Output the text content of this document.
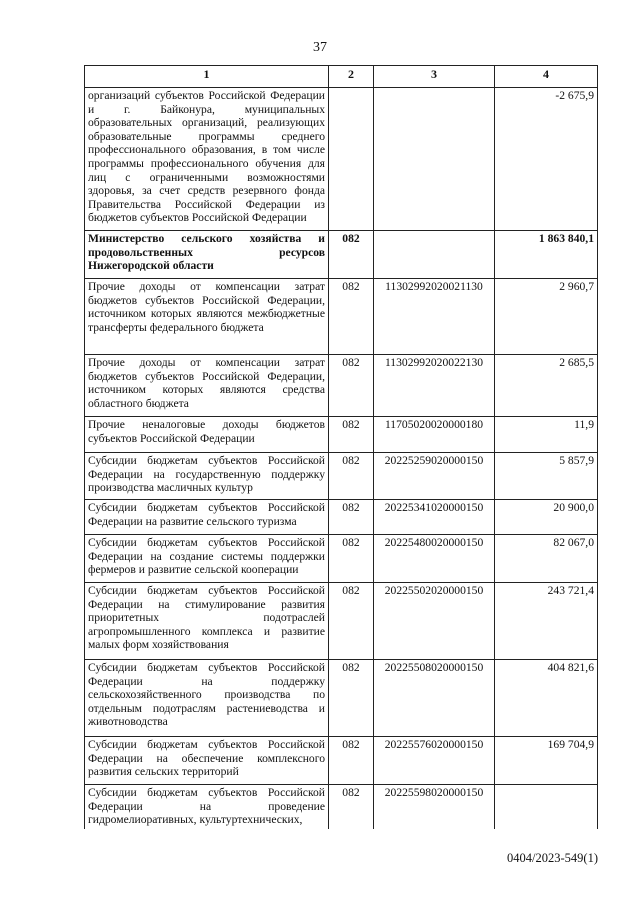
37
1	2	3	4
организаций субъектов Российской Федерации и г. Байконура, муниципальных образовательных организаций, реализующих образовательные программы среднего профессионального образования, в том числе программы профессионального обучения для лиц с ограниченными возможностями здоровья, за счет средств резервного фонда Правительства Российской Федерации из бюджетов субъектов Российской Федерации			-2 675,9
Министерство сельского хозяйства и продовольственных ресурсов Нижегородской области	082		1 863 840,1
Прочие доходы от компенсации затрат бюджетов субъектов Российской Федерации, источником которых являются межбюджетные трансферты федерального бюджета	082	11302992020021130	2 960,7
Прочие доходы от компенсации затрат бюджетов субъектов Российской Федерации, источником которых являются средства областного бюджета	082	11302992020022130	2 685,5
Прочие неналоговые доходы бюджетов субъектов Российской Федерации	082	11705020020000180	11,9
Субсидии бюджетам субъектов Российской Федерации на государственную поддержку производства масличных культур	082	20225259020000150	5 857,9
Субсидии бюджетам субъектов Российской Федерации на развитие сельского туризма	082	20225341020000150	20 900,0
Субсидии бюджетам субъектов Российской Федерации на создание системы поддержки фермеров и развитие сельской кооперации	082	20225480020000150	82 067,0
Субсидии бюджетам субъектов Российской Федерации на стимулирование развития приоритетных подотраслей агропромышленного комплекса и развитие малых форм хозяйствования	082	20225502020000150	243 721,4
Субсидии бюджетам субъектов Российской Федерации на поддержку сельскохозяйственного производства по отдельным подотраслям растениеводства и животноводства	082	20225508020000150	404 821,6
Субсидии бюджетам субъектов Российской Федерации на обеспечение комплексного развития сельских территорий	082	20225576020000150	169 704,9
Субсидии бюджетам субъектов Российской Федерации на проведение гидромелиоративных, культуртехнических,	082	20225598020000150	
0404/2023-549(1)
